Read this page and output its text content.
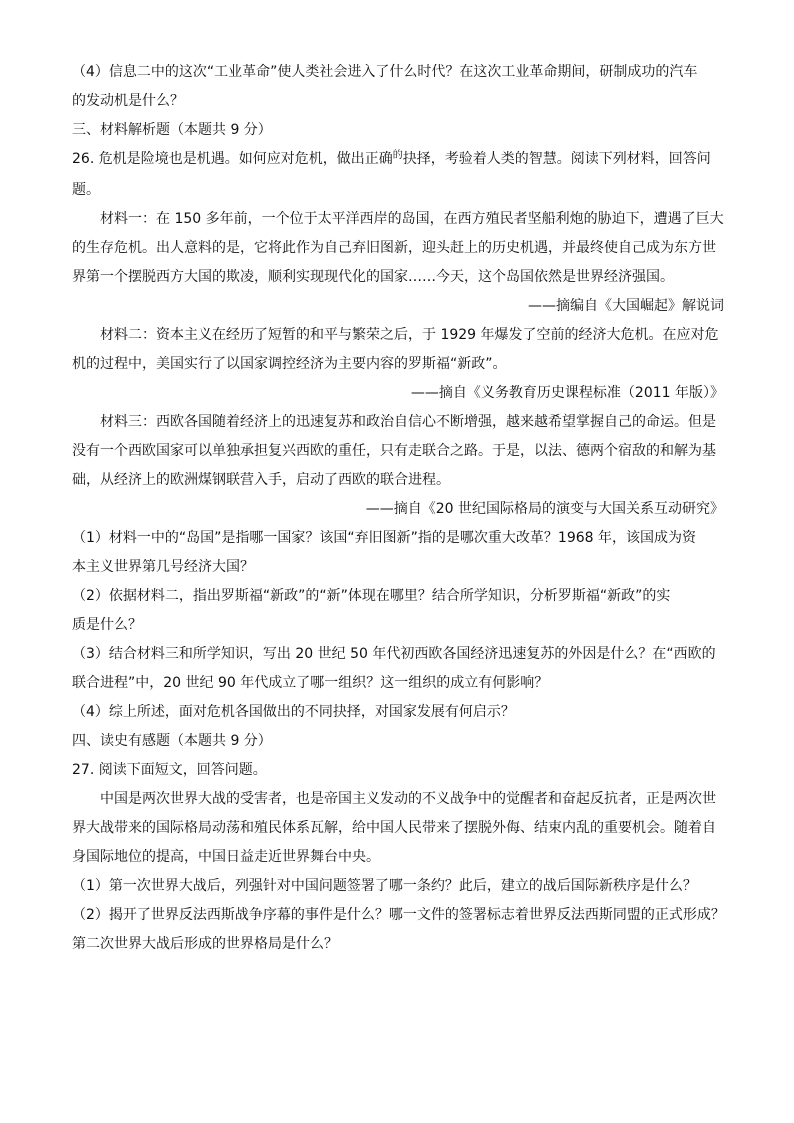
（4）信息二中的这次“工业革命”使人类社会进入了什么时代？在这次工业革命期间，研制成功的汽车
的发动机是什么？
三、材料解析题（本题共 9 分）
26. 危机是险境也是机遇。如何应对危机，做出正确的抉择，考验着人类的智慧。阅读下列材料，回答问
题。
材料一：在 150 多年前，一个位于太平洋西岸的岛国，在西方殖民者坚船利炮的胁迫下，遭遇了巨大
的生存危机。出人意料的是，它将此作为自己弃旧图新，迎头赶上的历史机遇，并最终使自己成为东方世
界第一个摆脱西方大国的欺凌，顺利实现现代化的国家……今天，这个岛国依然是世界经济强国。
——摘编自《大国崛起》解说词
材料二：资本主义在经历了短暂的和平与繁荣之后，于 1929 年爆发了空前的经济大危机。在应对危
机的过程中，美国实行了以国家调控经济为主要内容的罗斯福“新政”。
——摘自《义务教育历史课程标准（2011 年版）》
材料三：西欧各国随着经济上的迅速复苏和政治自信心不断增强，越来越希望掌握自己的命运。但是
没有一个西欧国家可以单独承担复兴西欧的重任，只有走联合之路。于是，以法、德两个宿敌的和解为基
础，从经济上的欧洲煤钢联营入手，启动了西欧的联合进程。
——摘自《20 世纪国际格局的演变与大国关系互动研究》
（1）材料一中的“岛国”是指哪一国家？该国“弃旧图新”指的是哪次重大改革？1968 年，该国成为资
本主义世界第几号经济大国？
（2）依据材料二，指出罗斯福“新政”的“新”体现在哪里？结合所学知识，分析罗斯福“新政”的实
质是什么？
（3）结合材料三和所学知识，写出 20 世纪 50 年代初西欧各国经济迅速复苏的外因是什么？在“西欧的
联合进程”中，20 世纪 90 年代成立了哪一组织？这一组织的成立有何影响？
（4）综上所述，面对危机各国做出的不同抉择，对国家发展有何启示？
四、读史有感题（本题共 9 分）
27. 阅读下面短文，回答问题。
中国是两次世界大战的受害者，也是帝国主义发动的不义战争中的觉醒者和奋起反抗者，正是两次世
界大战带来的国际格局动荡和殖民体系瓦解，给中国人民带来了摆脱外侮、结束内乱的重要机会。随着自
身国际地位的提高，中国日益走近世界舞台中央。
（1）第一次世界大战后，列强针对中国问题签署了哪一条约？此后，建立的战后国际新秩序是什么？
（2）揭开了世界反法西斯战争序幕的事件是什么？哪一文件的签署标志着世界反法西斯同盟的正式形成？
第二次世界大战后形成的世界格局是什么？
